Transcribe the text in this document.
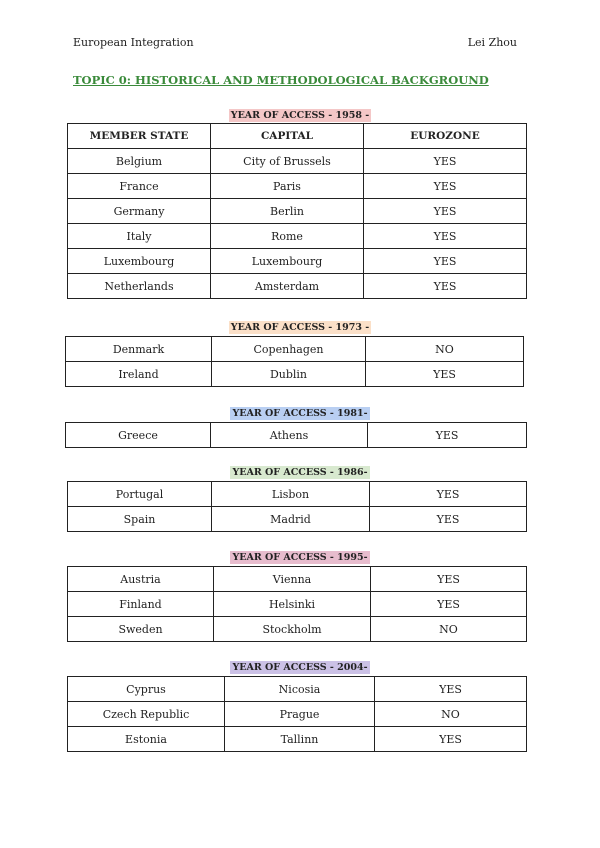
European Integration	Lei Zhou
TOPIC 0: HISTORICAL AND METHODOLOGICAL BACKGROUND
YEAR OF ACCESS - 1958 -
MEMBER STATE	CAPITAL	EUROZONE
Belgium	City of Brussels	YES
France	Paris	YES
Germany	Berlin	YES
Italy	Rome	YES
Luxembourg	Luxembourg	YES
Netherlands	Amsterdam	YES
YEAR OF ACCESS - 1973 -
Denmark	Copenhagen	NO
Ireland	Dublin	YES
YEAR OF ACCESS - 1981-
Greece	Athens	YES
YEAR OF ACCESS - 1986-
Portugal	Lisbon	YES
Spain	Madrid	YES
YEAR OF ACCESS - 1995-
Austria	Vienna	YES
Finland	Helsinki	YES
Sweden	Stockholm	NO
YEAR OF ACCESS - 2004-
Cyprus	Nicosia	YES
Czech Republic	Prague	NO
Estonia	Tallinn	YES
